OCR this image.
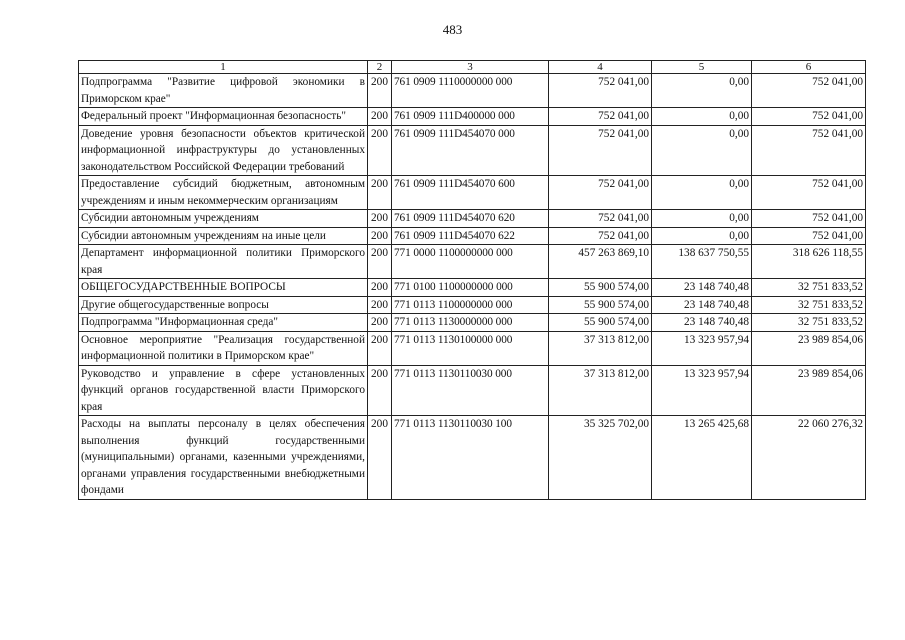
483
1	2	3	4	5	6
Подпрограмма "Развитие цифровой экономики в Приморском крае"	200	761 0909 1110000000 000	752 041,00	0,00	752 041,00
Федеральный проект "Информационная безопасность"	200	761 0909 111D400000 000	752 041,00	0,00	752 041,00
Доведение уровня безопасности объектов критической информационной инфраструктуры до установленных законодательством Российской Федерации требований	200	761 0909 111D454070 000	752 041,00	0,00	752 041,00
Предоставление субсидий бюджетным, автономным учреждениям и иным некоммерческим организациям	200	761 0909 111D454070 600	752 041,00	0,00	752 041,00
Субсидии автономным учреждениям	200	761 0909 111D454070 620	752 041,00	0,00	752 041,00
Субсидии автономным учреждениям на иные цели	200	761 0909 111D454070 622	752 041,00	0,00	752 041,00
Департамент информационной политики Приморского края	200	771 0000 1100000000 000	457 263 869,10	138 637 750,55	318 626 118,55
ОБЩЕГОСУДАРСТВЕННЫЕ ВОПРОСЫ	200	771 0100 1100000000 000	55 900 574,00	23 148 740,48	32 751 833,52
Другие общегосударственные вопросы	200	771 0113 1100000000 000	55 900 574,00	23 148 740,48	32 751 833,52
Подпрограмма "Информационная среда"	200	771 0113 1130000000 000	55 900 574,00	23 148 740,48	32 751 833,52
Основное мероприятие "Реализация государственной информационной политики в Приморском крае"	200	771 0113 1130100000 000	37 313 812,00	13 323 957,94	23 989 854,06
Руководство и управление в сфере установленных функций органов государственной власти Приморского края	200	771 0113 1130110030 000	37 313 812,00	13 323 957,94	23 989 854,06
Расходы на выплаты персоналу в целях обеспечения выполнения функций государственными (муниципальными) органами, казенными учреждениями, органами управления государственными внебюджетными фондами	200	771 0113 1130110030 100	35 325 702,00	13 265 425,68	22 060 276,32
